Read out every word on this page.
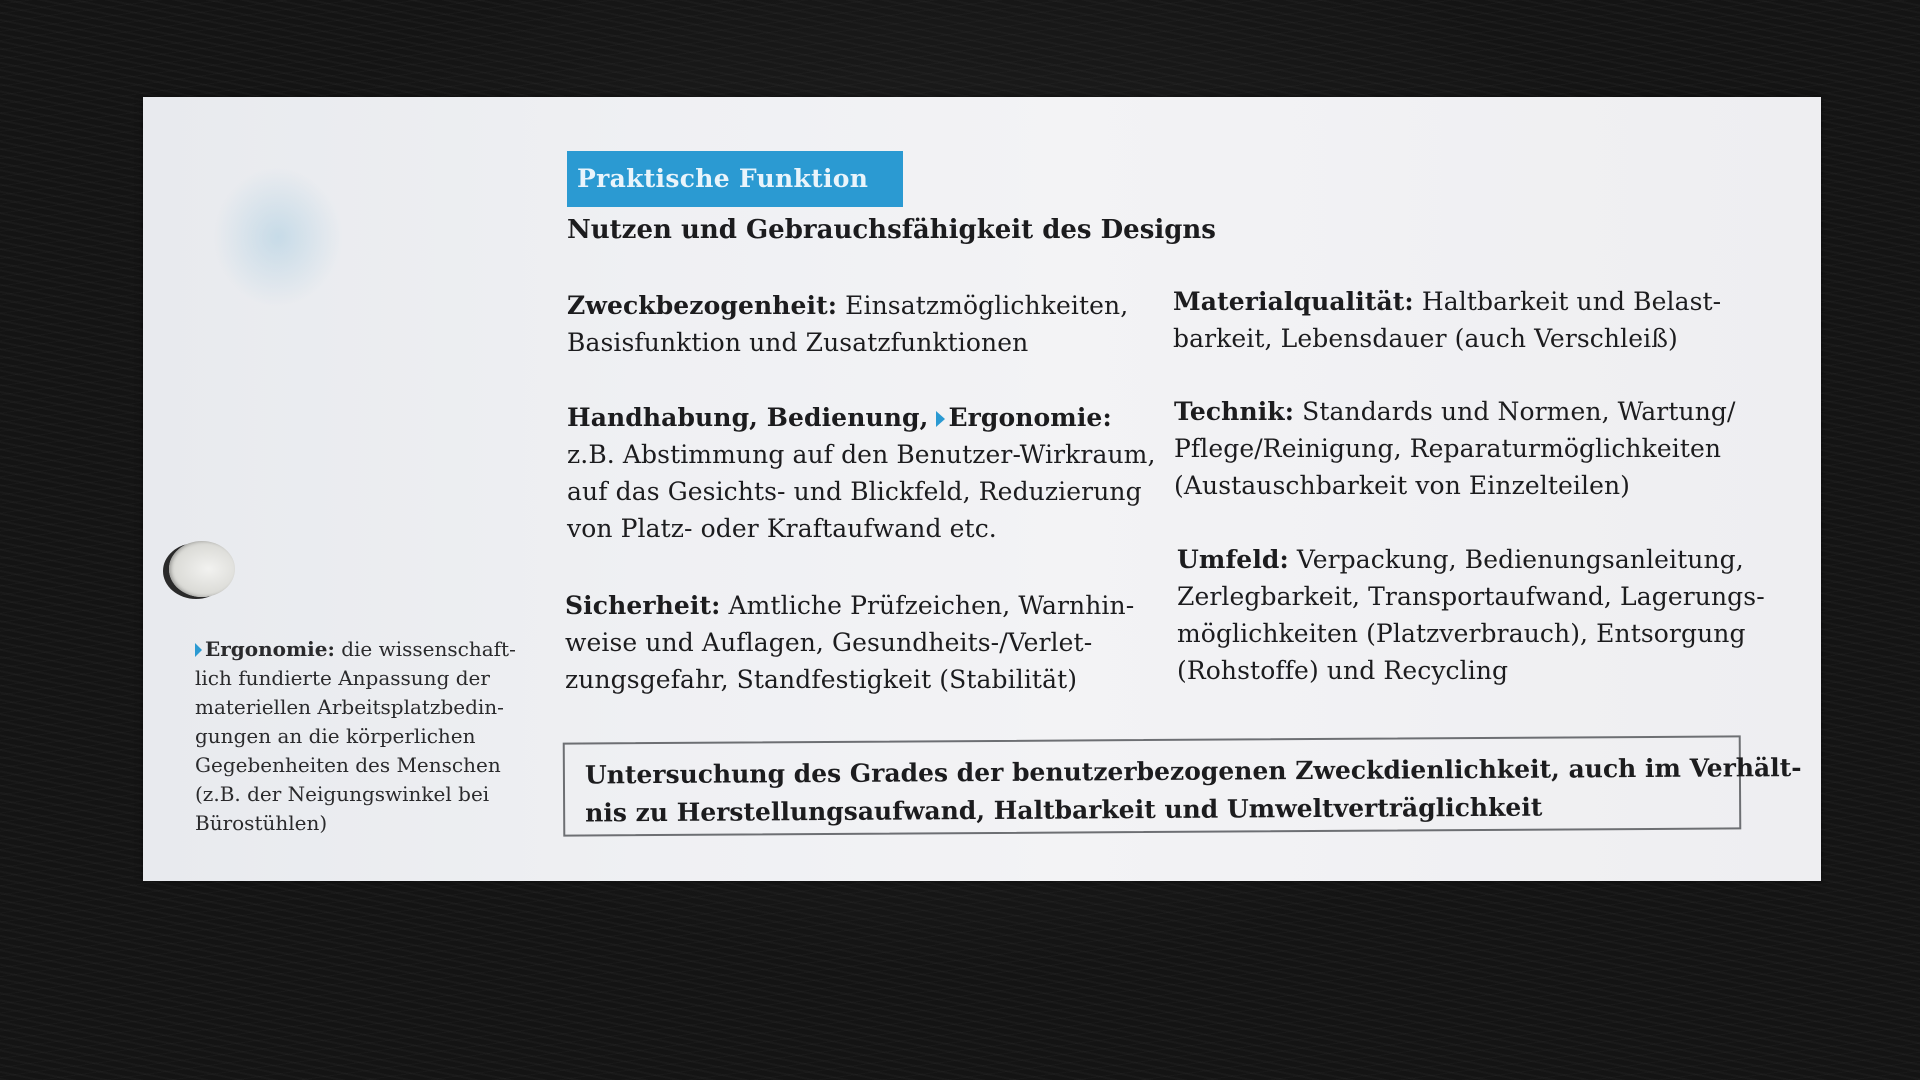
Praktische Funktion
Nutzen und Gebrauchsfähigkeit des Designs
Zweckbezogenheit: Einsatzmöglichkeiten,
Basisfunktion und Zusatzfunktionen
Handhabung, Bedienung, Ergonomie:
z.B. Abstimmung auf den Benutzer-Wirkraum,
auf das Gesichts- und Blickfeld, Reduzierung
von Platz- oder Kraftaufwand etc.
Sicherheit: Amtliche Prüfzeichen, Warnhin-
weise und Auflagen, Gesundheits-/Verlet-
zungsgefahr, Standfestigkeit (Stabilität)
Materialqualität: Haltbarkeit und Belast-
barkeit, Lebensdauer (auch Verschleiß)
Technik: Standards und Normen, Wartung/
Pflege/Reinigung, Reparaturmöglichkeiten
(Austauschbarkeit von Einzelteilen)
Umfeld: Verpackung, Bedienungsanleitung,
Zerlegbarkeit, Transportaufwand, Lagerungs-
möglichkeiten (Platzverbrauch), Entsorgung
(Rohstoffe) und Recycling
Ergonomie: die wissenschaft-
lich fundierte Anpassung der
materiellen Arbeitsplatzbedin-
gungen an die körperlichen
Gegebenheiten des Menschen
(z.B. der Neigungswinkel bei
Bürostühlen)
Untersuchung des Grades der benutzerbezogenen Zweckdienlichkeit, auch im Verhält-
nis zu Herstellungsaufwand, Haltbarkeit und Umweltverträglichkeit
